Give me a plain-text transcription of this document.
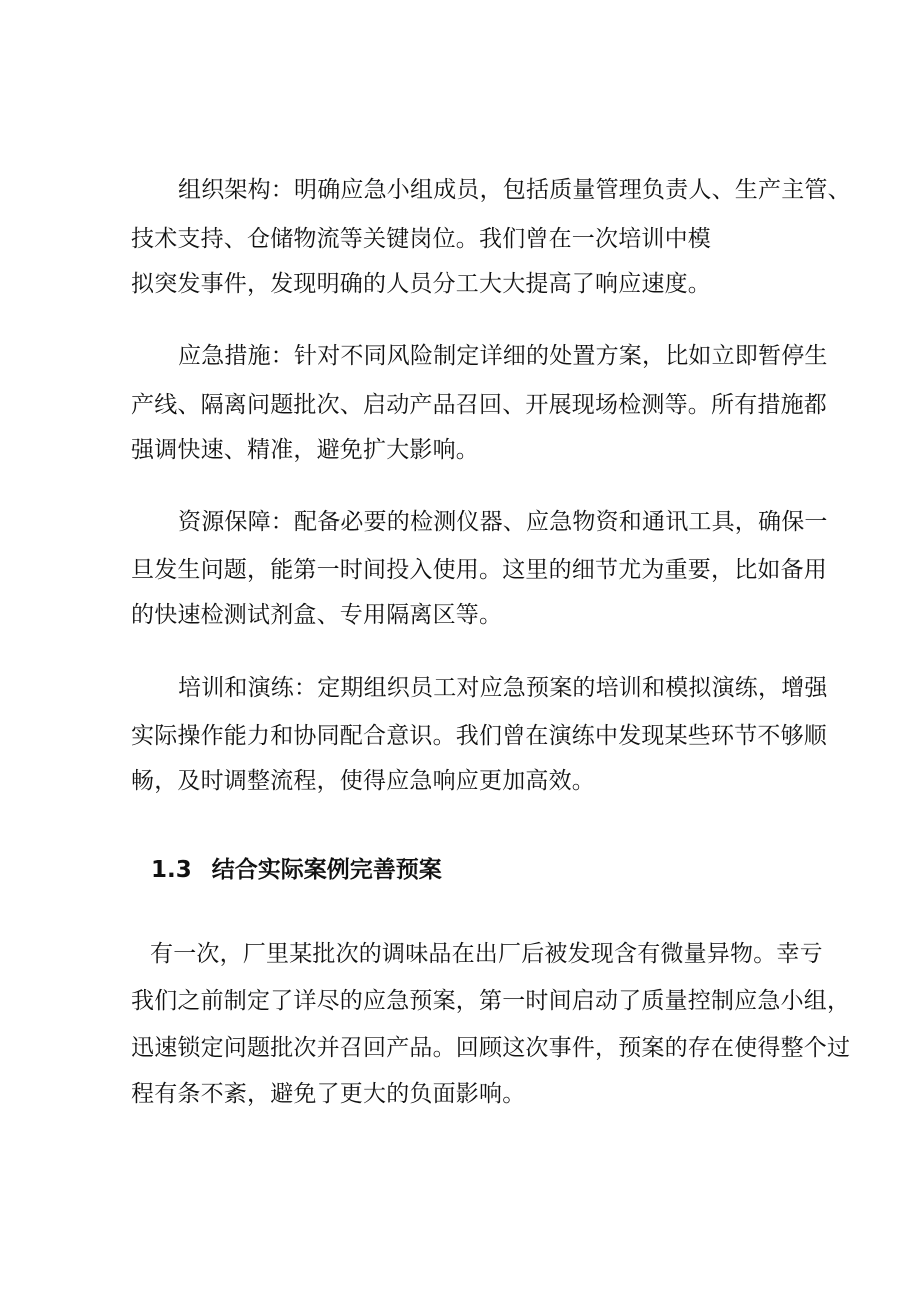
组织架构：明确应急小组成员，包括质量管理负责人、生产主管、
技术支持、仓储物流等关键岗位。我们曾在一次培训中模
拟突发事件，发现明确的人员分工大大提高了响应速度。
应急措施：针对不同风险制定详细的处置方案，比如立即暂停生
产线、隔离问题批次、启动产品召回、开展现场检测等。所有措施都
强调快速、精准，避免扩大影响。
资源保障：配备必要的检测仪器、应急物资和通讯工具，确保一
旦发生问题，能第一时间投入使用。这里的细节尤为重要，比如备用
的快速检测试剂盒、专用隔离区等。
培训和演练：定期组织员工对应急预案的培训和模拟演练，增强
实际操作能力和协同配合意识。我们曾在演练中发现某些环节不够顺
畅，及时调整流程，使得应急响应更加高效。
1.3 结合实际案例完善预案
有一次，厂里某批次的调味品在出厂后被发现含有微量异物。幸亏
我们之前制定了详尽的应急预案，第一时间启动了质量控制应急小组，
迅速锁定问题批次并召回产品。回顾这次事件，预案的存在使得整个过
程有条不紊，避免了更大的负面影响。
